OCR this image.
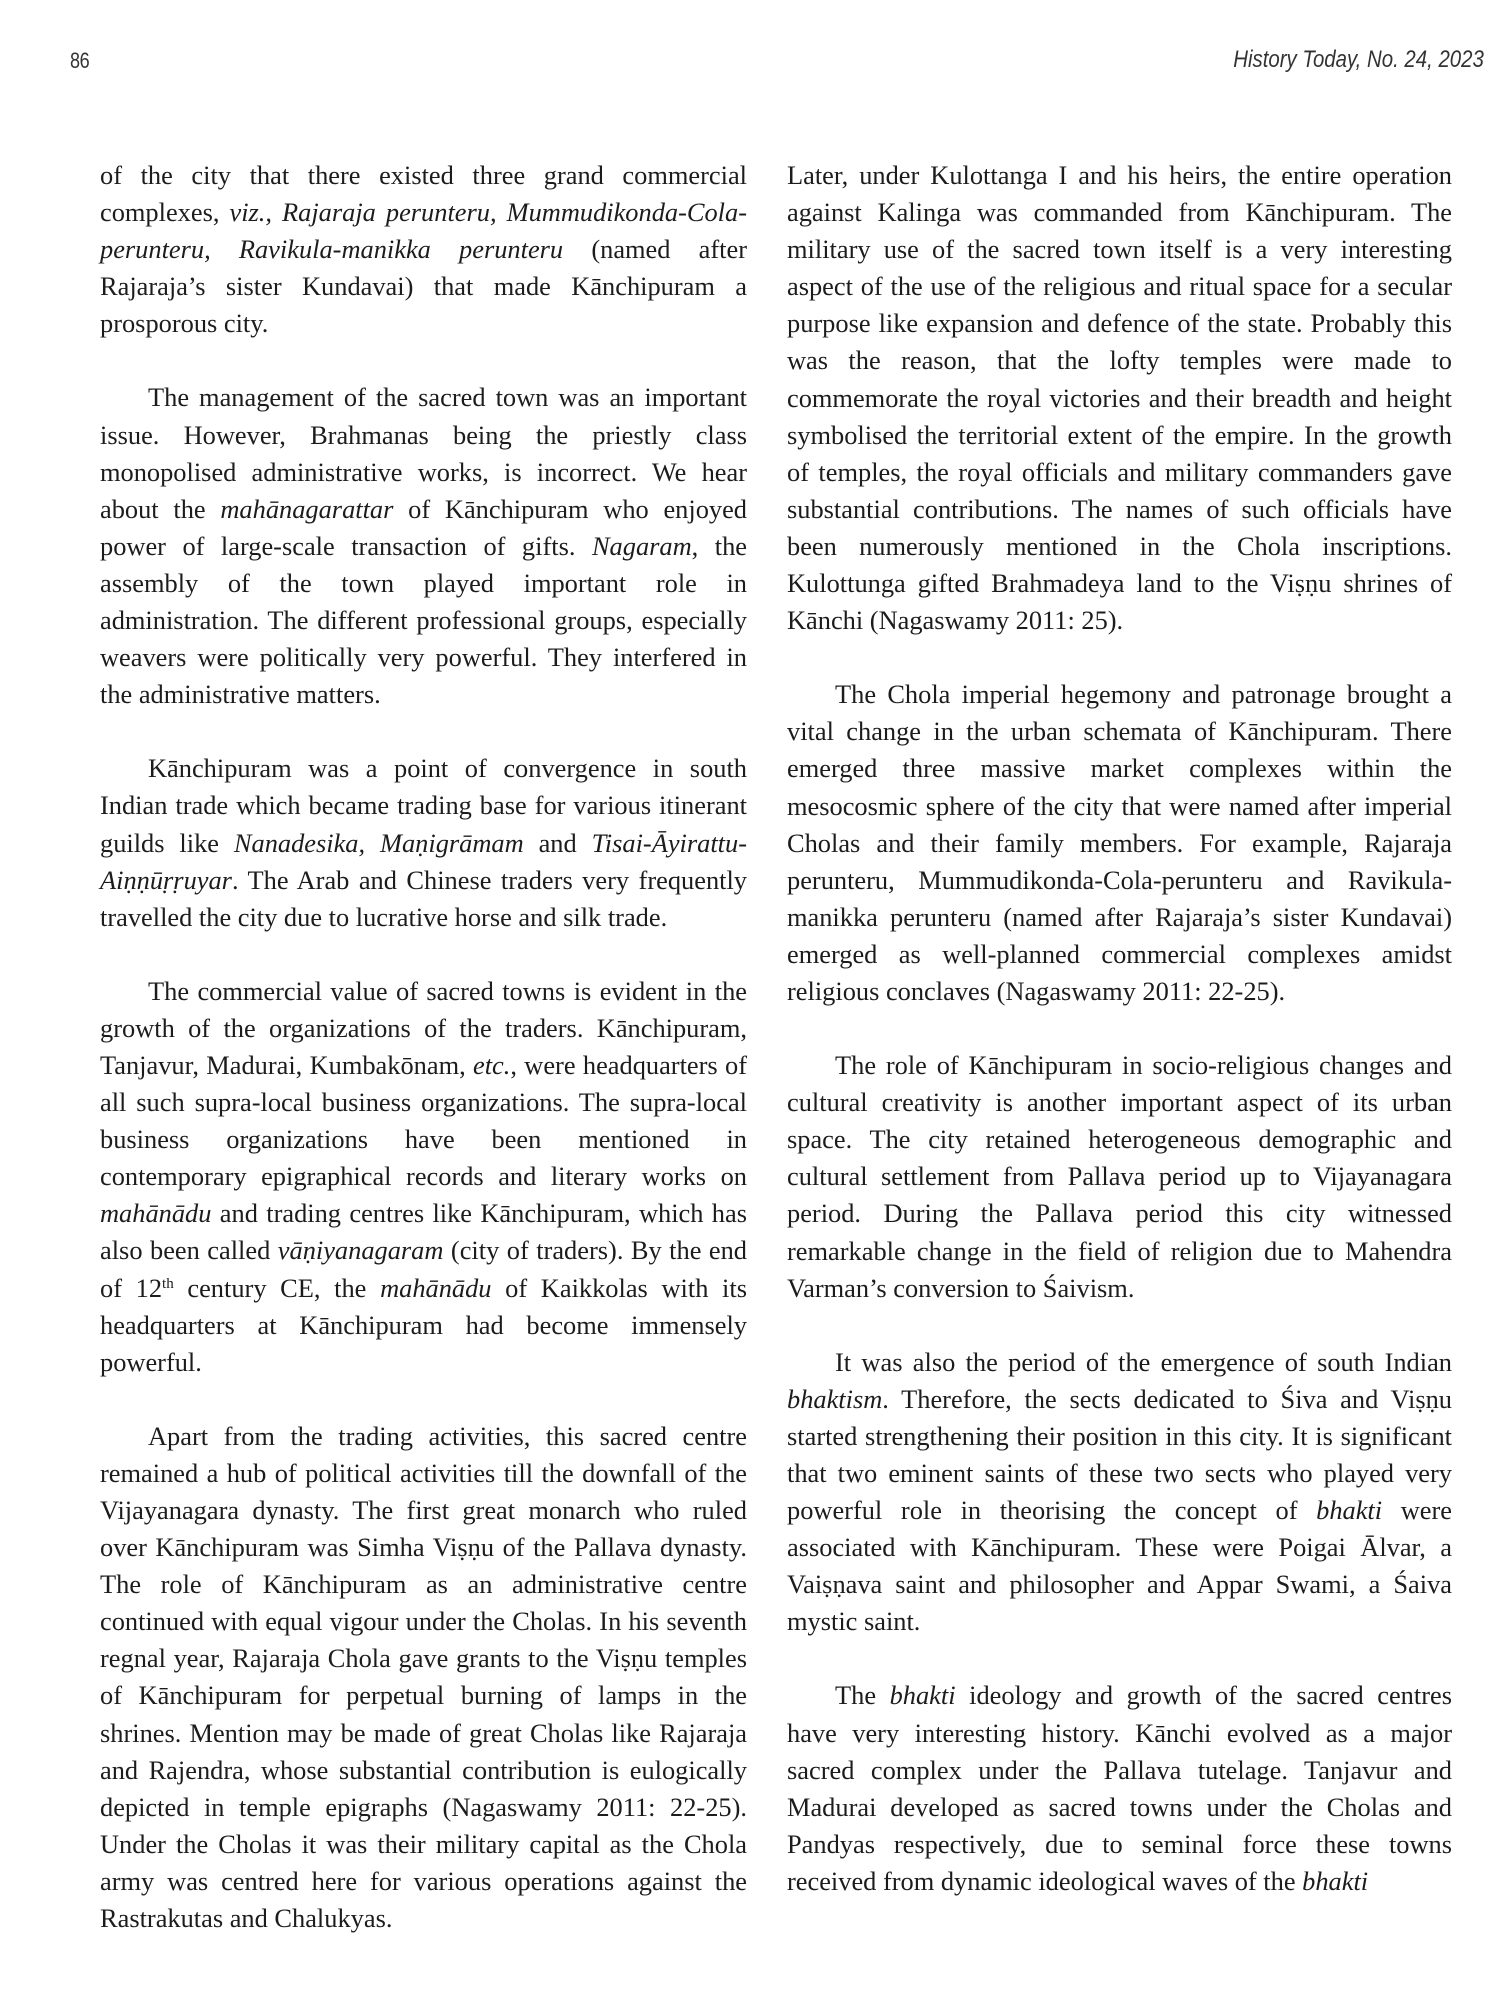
86	History Today, No. 24, 2023

of the city that there existed three grand commercial complexes, viz., Rajaraja perunteru, Mummudikonda-Cola-perunteru, Ravikula-manikka perunteru (named after Rajaraja’s sister Kundavai) that made Kānchipuram a prosporous city.

The management of the sacred town was an important issue. However, Brahmanas being the priestly class monopolised administrative works, is incorrect. We hear about the mahānagarattar of Kānchipuram who enjoyed power of large-scale transaction of gifts. Nagaram, the assembly of the town played important role in administration. The different professional groups, especially weavers were politically very powerful. They interfered in the administrative matters.

Kānchipuram was a point of convergence in south Indian trade which became trading base for various itinerant guilds like Nanadesika, Maṇigrāmam and Tisai-Āyirattu-Aiṇṇūṛṛuyar. The Arab and Chinese traders very frequently travelled the city due to lucrative horse and silk trade.

The commercial value of sacred towns is evident in the growth of the organizations of the traders. Kānchipuram, Tanjavur, Madurai, Kumbakōnam, etc., were headquarters of all such supra-local business organizations. The supra-local business organizations have been mentioned in contemporary epigraphical records and literary works on mahānādu and trading centres like Kānchipuram, which has also been called vāṇiyanagaram (city of traders). By the end of 12th century CE, the mahānādu of Kaikkolas with its headquarters at Kānchipuram had become immensely powerful.

Apart from the trading activities, this sacred centre remained a hub of political activities till the downfall of the Vijayanagara dynasty. The first great monarch who ruled over Kānchipuram was Simha Viṣṇu of the Pallava dynasty. The role of Kānchipuram as an administrative centre continued with equal vigour under the Cholas. In his seventh regnal year, Rajaraja Chola gave grants to the Viṣṇu temples of Kānchipuram for perpetual burning of lamps in the shrines. Mention may be made of great Cholas like Rajaraja and Rajendra, whose substantial contribution is eulogically depicted in temple epigraphs (Nagaswamy 2011: 22-25). Under the Cholas it was their military capital as the Chola army was centred here for various operations against the Rastrakutas and Chalukyas.

Later, under Kulottanga I and his heirs, the entire operation against Kalinga was commanded from Kānchipuram. The military use of the sacred town itself is a very interesting aspect of the use of the religious and ritual space for a secular purpose like expansion and defence of the state. Probably this was the reason, that the lofty temples were made to commemorate the royal victories and their breadth and height symbolised the territorial extent of the empire. In the growth of temples, the royal officials and military commanders gave substantial contributions. The names of such officials have been numerously mentioned in the Chola inscriptions. Kulottunga gifted Brahmadeya land to the Viṣṇu shrines of Kānchi (Nagaswamy 2011: 25).

The Chola imperial hegemony and patronage brought a vital change in the urban schemata of Kānchipuram. There emerged three massive market complexes within the mesocosmic sphere of the city that were named after imperial Cholas and their family members. For example, Rajaraja perunteru, Mummudikonda-Cola-perunteru and Ravikula-manikka perunteru (named after Rajaraja’s sister Kundavai) emerged as well-planned commercial complexes amidst religious conclaves (Nagaswamy 2011: 22-25).

The role of Kānchipuram in socio-religious changes and cultural creativity is another important aspect of its urban space. The city retained heterogeneous demographic and cultural settlement from Pallava period up to Vijayanagara period. During the Pallava period this city witnessed remarkable change in the field of religion due to Mahendra Varman’s conversion to Śaivism.

It was also the period of the emergence of south Indian bhaktism. Therefore, the sects dedicated to Śiva and Viṣṇu started strengthening their position in this city. It is significant that two eminent saints of these two sects who played very powerful role in theorising the concept of bhakti were associated with Kānchipuram. These were Poigai Ālvar, a Vaiṣṇava saint and philosopher and Appar Swami, a Śaiva mystic saint.

The bhakti ideology and growth of the sacred centres have very interesting history. Kānchi evolved as a major sacred complex under the Pallava tutelage. Tanjavur and Madurai developed as sacred towns under the Cholas and Pandyas respectively, due to seminal force these towns received from dynamic ideological waves of the bhakti
